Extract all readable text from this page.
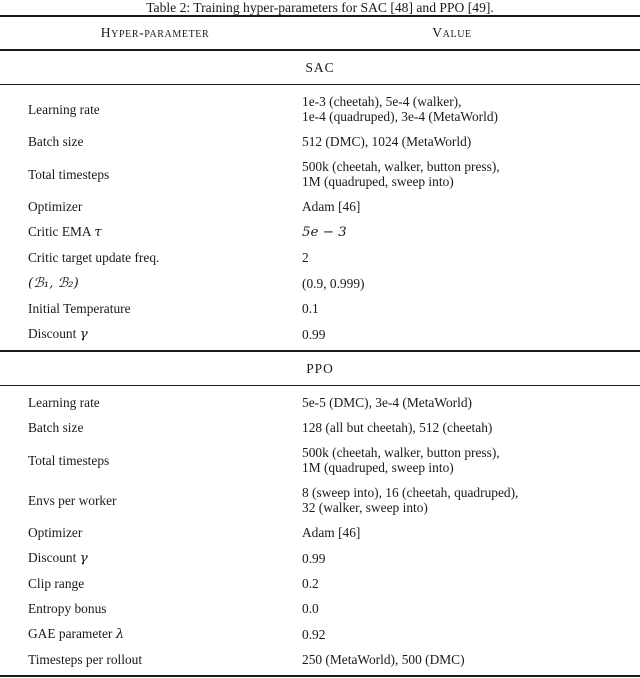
Table 2: Training hyper-parameters for SAC [48] and PPO [49].
Hyper-parameter	Value
SAC
Learning rate	1e-3 (cheetah), 5e-4 (walker),
1e-4 (quadruped), 3e-4 (MetaWorld)
Batch size	512 (DMC), 1024 (MetaWorld)
Total timesteps	500k (cheetah, walker, button press),
1M (quadruped, sweep into)
Optimizer	Adam [46]
Critic EMA τ	5e − 3
Critic target update freq.	2
(ℬ₁, ℬ₂)	(0.9, 0.999)
Initial Temperature	0.1
Discount γ	0.99
PPO
Learning rate	5e-5 (DMC), 3e-4 (MetaWorld)
Batch size	128 (all but cheetah), 512 (cheetah)
Total timesteps	500k (cheetah, walker, button press),
1M (quadruped, sweep into)
Envs per worker	8 (sweep into), 16 (cheetah, quadruped),
32 (walker, sweep into)
Optimizer	Adam [46]
Discount γ	0.99
Clip range	0.2
Entropy bonus	0.0
GAE parameter λ	0.92
Timesteps per rollout	250 (MetaWorld), 500 (DMC)
